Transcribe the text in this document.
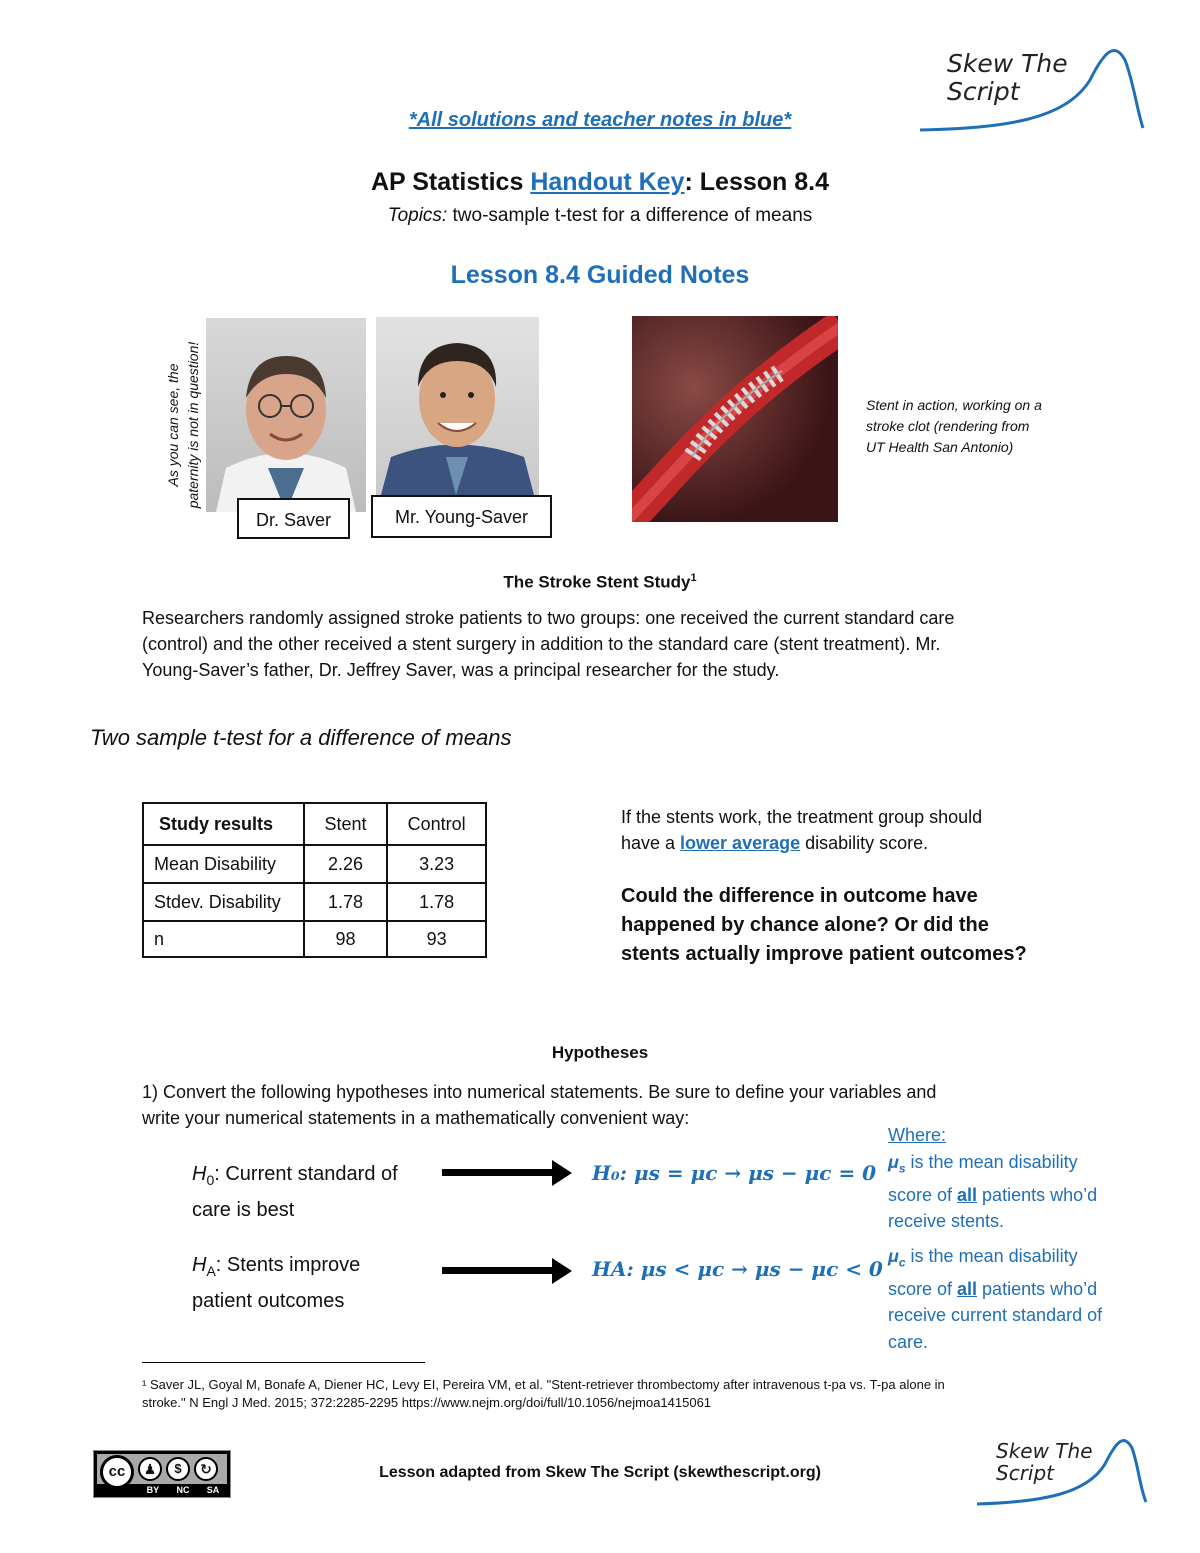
Skew The
Script
*All solutions and teacher notes in blue*
AP Statistics Handout Key: Lesson 8.4
Topics: two-sample t-test for a difference of means
Lesson 8.4 Guided Notes
As you can see, the paternity is not in question!
Dr. Saver	Mr. Young-Saver
Stent in action, working on a
stroke clot (rendering from
UT Health San Antonio)
The Stroke Stent Study$^1$
Researchers randomly assigned stroke patients to two groups: one received the current standard care
(control) and the other received a stent surgery in addition to the standard care (stent treatment). Mr.
Young-Saver’s father, Dr. Jeffrey Saver, was a principal researcher for the study.
Two sample t-test for a difference of means
Study results	Stent	Control
Mean Disability	2.26	3.23
Stdev. Disability	1.78	1.78
n	98	93
If the stents work, the treatment group should
have a lower average disability score.
Could the difference in outcome have
happened by chance alone? Or did the
stents actually improve patient outcomes?
Hypotheses
1) Convert the following hypotheses into numerical statements. Be sure to define your variables and
write your numerical statements in a mathematically convenient way:
$H_0$: Current standard of
care is best
H₀: μs = μc → μs − μc = 0
$H_A$: Stents improve
patient outcomes
HA: μs < μc → μs − μc < 0
Where:
$\mu_s$ is the mean disability
score of all patients who’d
receive stents.
$\mu_c$ is the mean disability
score of all patients who’d
receive current standard of
care.
¹ Saver JL, Goyal M, Bonafe A, Diener HC, Levy EI, Pereira VM, et al. "Stent-retriever thrombectomy after intravenous t-pa vs. T-pa alone in
stroke." N Engl J Med. 2015; 372:2285-2295 https://www.nejm.org/doi/full/10.1056/nejmoa1415061
cc	♟	$	↻
BY NC SA
Lesson adapted from Skew The Script (skewthescript.org)
Skew The
Script
